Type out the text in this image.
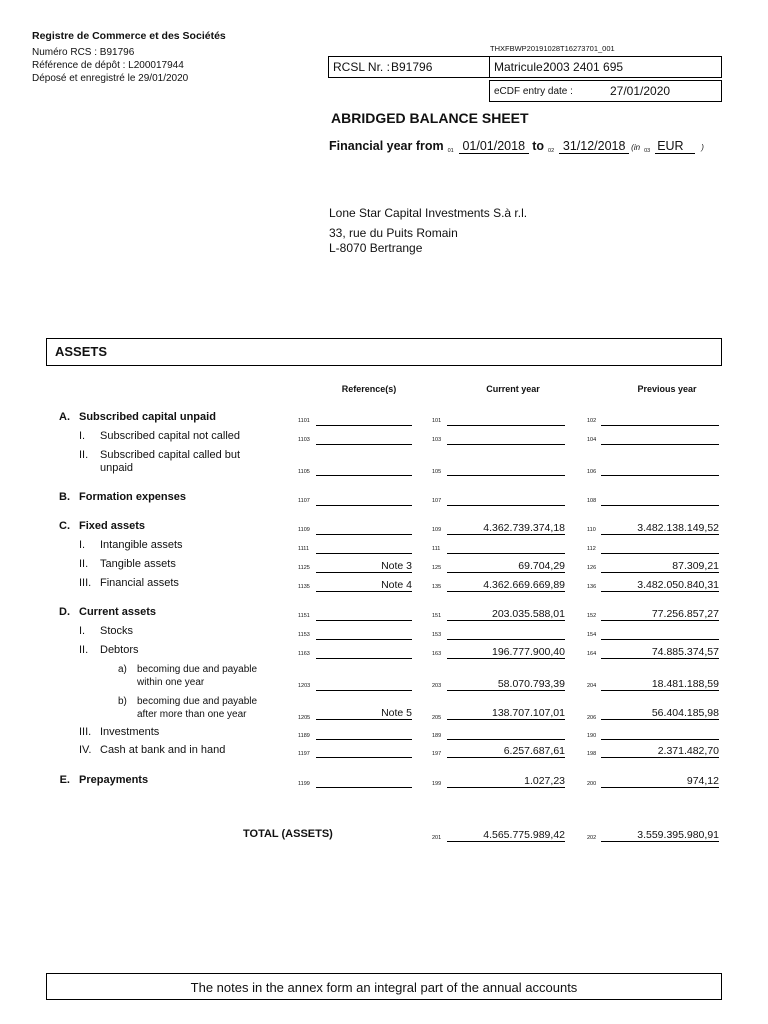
Registre de Commerce et des Sociétés
Numéro RCS : B91796
Référence de dépôt : L200017944
Déposé et enregistré le 29/01/2020
THXFBWP20191028T16273701_001
RCSL Nr. : B91796	Matricule :
2003 2401 695
eCDF entry date :	27/01/2020
ABRIDGED BALANCE SHEET
Financial year from 01 01/01/2018 to 02 31/12/2018 (in 03 EUR )
Lone Star Capital Investments S.à r.l.
33, rue du Puits Romain
L-8070 Bertrange
ASSETS
Reference(s)	Current year	Previous year
A. Subscribed capital unpaid	1101	101	102
I.	Subscribed capital not called	1103	103	104
II.	Subscribed capital called but
unpaid	1105	105	106
B. Formation expenses	1107	107	108
C. Fixed assets	1109	109	4.362.739.374,18	110	3.482.138.149,52
I.	Intangible assets	1111	111	112
II.	Tangible assets	1125	Note 3	125	69.704,29	126	87.309,21
III. Financial assets	1135	Note 4	135	4.362.669.669,89	136	3.482.050.840,31
D. Current assets	1151	151	203.035.588,01	152	77.256.857,27
I.	Stocks	1153	153	154
II.	Debtors	1163	163	196.777.900,40	164	74.885.374,57
a) becoming due and payable
within one year	1203	203	58.070.793,39	204	18.481.188,59
b) becoming due and payable
after more than one year	1205	Note 5	205	138.707.107,01	206	56.404.185,98
III. Investments	1189	189	190
IV. Cash at bank and in hand	1197	197	6.257.687,61	198	2.371.482,70
E. Prepayments	1199	199	1.027,23	200	974,12
TOTAL (ASSETS)	201	4.565.775.989,42	202	3.559.395.980,91
The notes in the annex form an integral part of the annual accounts
